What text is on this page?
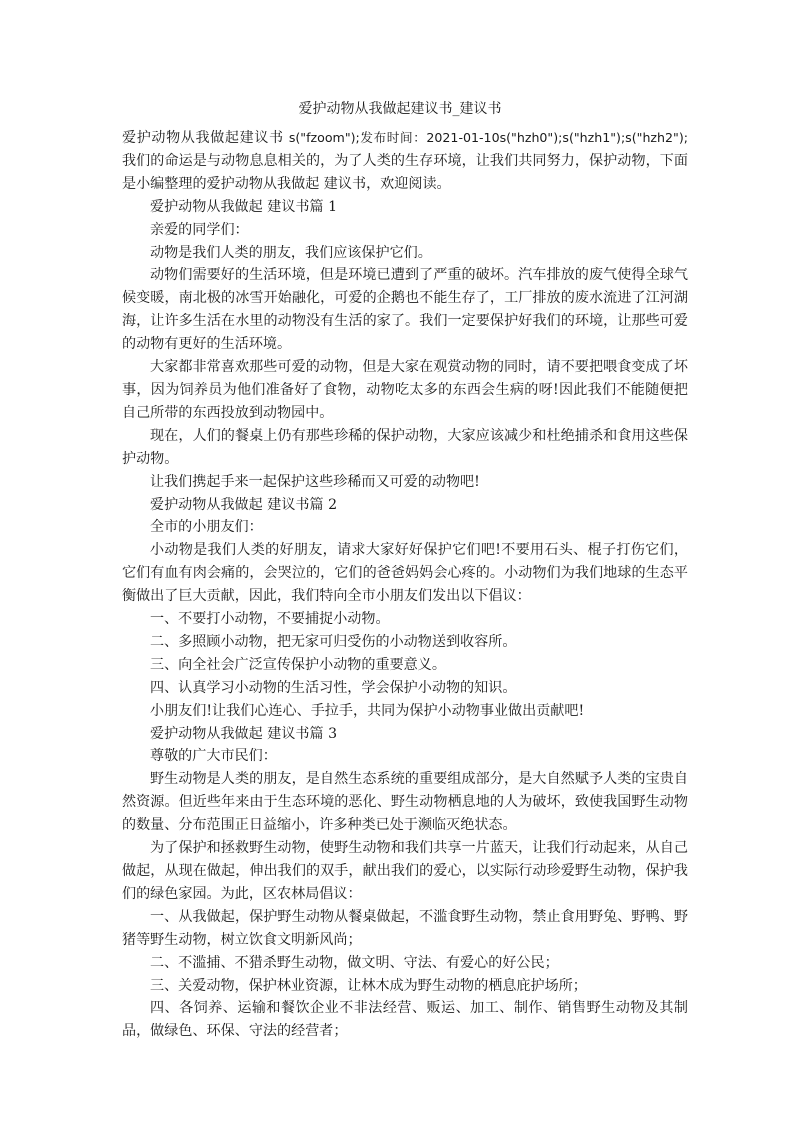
爱护动物从我做起建议书_建议书

爱护动物从我做起建议书 s("fzoom");发布时间：2021-01-10s("hzh0");s("hzh1");s("hzh2");我们的命运是与动物息息相关的，为了人类的生存环境，让我们共同努力，保护动物，下面是小编整理的爱护动物从我做起 建议书，欢迎阅读。

爱护动物从我做起 建议书篇 1

亲爱的同学们：

动物是我们人类的朋友，我们应该保护它们。

动物们需要好的生活环境，但是环境已遭到了严重的破坏。汽车排放的废气使得全球气候变暖，南北极的冰雪开始融化，可爱的企鹅也不能生存了，工厂排放的废水流进了江河湖海，让许多生活在水里的动物没有生活的家了。我们一定要保护好我们的环境，让那些可爱的动物有更好的生活环境。

大家都非常喜欢那些可爱的动物，但是大家在观赏动物的同时，请不要把喂食变成了坏事，因为饲养员为他们准备好了食物，动物吃太多的东西会生病的呀!因此我们不能随便把自己所带的东西投放到动物园中。

现在，人们的餐桌上仍有那些珍稀的保护动物，大家应该减少和杜绝捕杀和食用这些保护动物。

让我们携起手来一起保护这些珍稀而又可爱的动物吧!

爱护动物从我做起 建议书篇 2

全市的小朋友们：

小动物是我们人类的好朋友，请求大家好好保护它们吧!不要用石头、棍子打伤它们，它们有血有肉会痛的，会哭泣的，它们的爸爸妈妈会心疼的。小动物们为我们地球的生态平衡做出了巨大贡献，因此，我们特向全市小朋友们发出以下倡议：

一、不要打小动物，不要捕捉小动物。

二、多照顾小动物，把无家可归受伤的小动物送到收容所。

三、向全社会广泛宣传保护小动物的重要意义。

四、认真学习小动物的生活习性，学会保护小动物的知识。

小朋友们!让我们心连心、手拉手，共同为保护小动物事业做出贡献吧!

爱护动物从我做起 建议书篇 3

尊敬的广大市民们：

野生动物是人类的朋友，是自然生态系统的重要组成部分，是大自然赋予人类的宝贵自然资源。但近些年来由于生态环境的恶化、野生动物栖息地的人为破坏，致使我国野生动物的数量、分布范围正日益缩小，许多种类已处于濒临灭绝状态。

为了保护和拯救野生动物，使野生动物和我们共享一片蓝天，让我们行动起来，从自己做起，从现在做起，伸出我们的双手，献出我们的爱心，以实际行动珍爱野生动物，保护我们的绿色家园。为此，区农林局倡议：

一、从我做起，保护野生动物从餐桌做起，不滥食野生动物，禁止食用野兔、野鸭、野猪等野生动物，树立饮食文明新风尚；

二、不滥捕、不猎杀野生动物，做文明、守法、有爱心的好公民；

三、关爱动物，保护林业资源，让林木成为野生动物的栖息庇护场所；

四、各饲养、运输和餐饮企业不非法经营、贩运、加工、制作、销售野生动物及其制品，做绿色、环保、守法的经营者；
